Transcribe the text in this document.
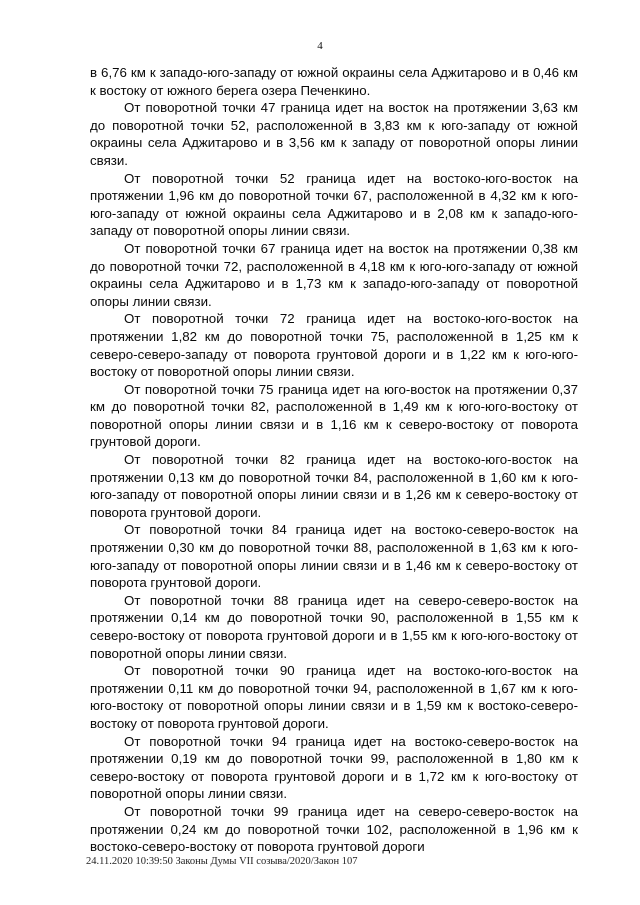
4

в 6,76 км к западо-юго-западу от южной окраины села Аджитарово и в 0,46 км к востоку от южного берега озера Печенкино.

От поворотной точки 47 граница идет на восток на протяжении 3,63 км до поворотной точки 52, расположенной в 3,83 км к юго-западу от южной окраины села Аджитарово и в 3,56 км к западу от поворотной опоры линии связи.

От поворотной точки 52 граница идет на востоко-юго-восток на протяжении 1,96 км до поворотной точки 67, расположенной в 4,32 км к юго-юго-западу от южной окраины села Аджитарово и в 2,08 км к западо-юго-западу от поворотной опоры линии связи.

От поворотной точки 67 граница идет на восток на протяжении 0,38 км до поворотной точки 72, расположенной в 4,18 км к юго-юго-западу от южной окраины села Аджитарово и в 1,73 км к западо-юго-западу от поворотной опоры линии связи.

От поворотной точки 72 граница идет на востоко-юго-восток на протяжении 1,82 км до поворотной точки 75, расположенной в 1,25 км к северо-северо-западу от поворота грунтовой дороги и в 1,22 км к юго-юго-востоку от поворотной опоры линии связи.

От поворотной точки 75 граница идет на юго-восток на протяжении 0,37 км до поворотной точки 82, расположенной в 1,49 км к юго-юго-востоку от поворотной опоры линии связи и в 1,16 км к северо-востоку от поворота грунтовой дороги.

От поворотной точки 82 граница идет на востоко-юго-восток на протяжении 0,13 км до поворотной точки 84, расположенной в 1,60 км к юго-юго-западу от поворотной опоры линии связи и в 1,26 км к северо-востоку от поворота грунтовой дороги.

От поворотной точки 84 граница идет на востоко-северо-восток на протяжении 0,30 км до поворотной точки 88, расположенной в 1,63 км к юго-юго-западу от поворотной опоры линии связи и в 1,46 км к северо-востоку от поворота грунтовой дороги.

От поворотной точки 88 граница идет на северо-северо-восток на протяжении 0,14 км до поворотной точки 90, расположенной в 1,55 км к северо-востоку от поворота грунтовой дороги и в 1,55 км к юго-юго-востоку от поворотной опоры линии связи.

От поворотной точки 90 граница идет на востоко-юго-восток на протяжении 0,11 км до поворотной точки 94, расположенной в 1,67 км к юго-юго-востоку от поворотной опоры линии связи и в 1,59 км к востоко-северо-востоку от поворота грунтовой дороги.

От поворотной точки 94 граница идет на востоко-северо-восток на протяжении 0,19 км до поворотной точки 99, расположенной в 1,80 км к северо-востоку от поворота грунтовой дороги и в 1,72 км к юго-востоку от поворотной опоры линии связи.

От поворотной точки 99 граница идет на северо-северо-восток на протяжении 0,24 км до поворотной точки 102, расположенной в 1,96 км к востоко-северо-востоку от поворота грунтовой дороги

24.11.2020 10:39:50 Законы Думы VII созыва/2020/Закон 107
